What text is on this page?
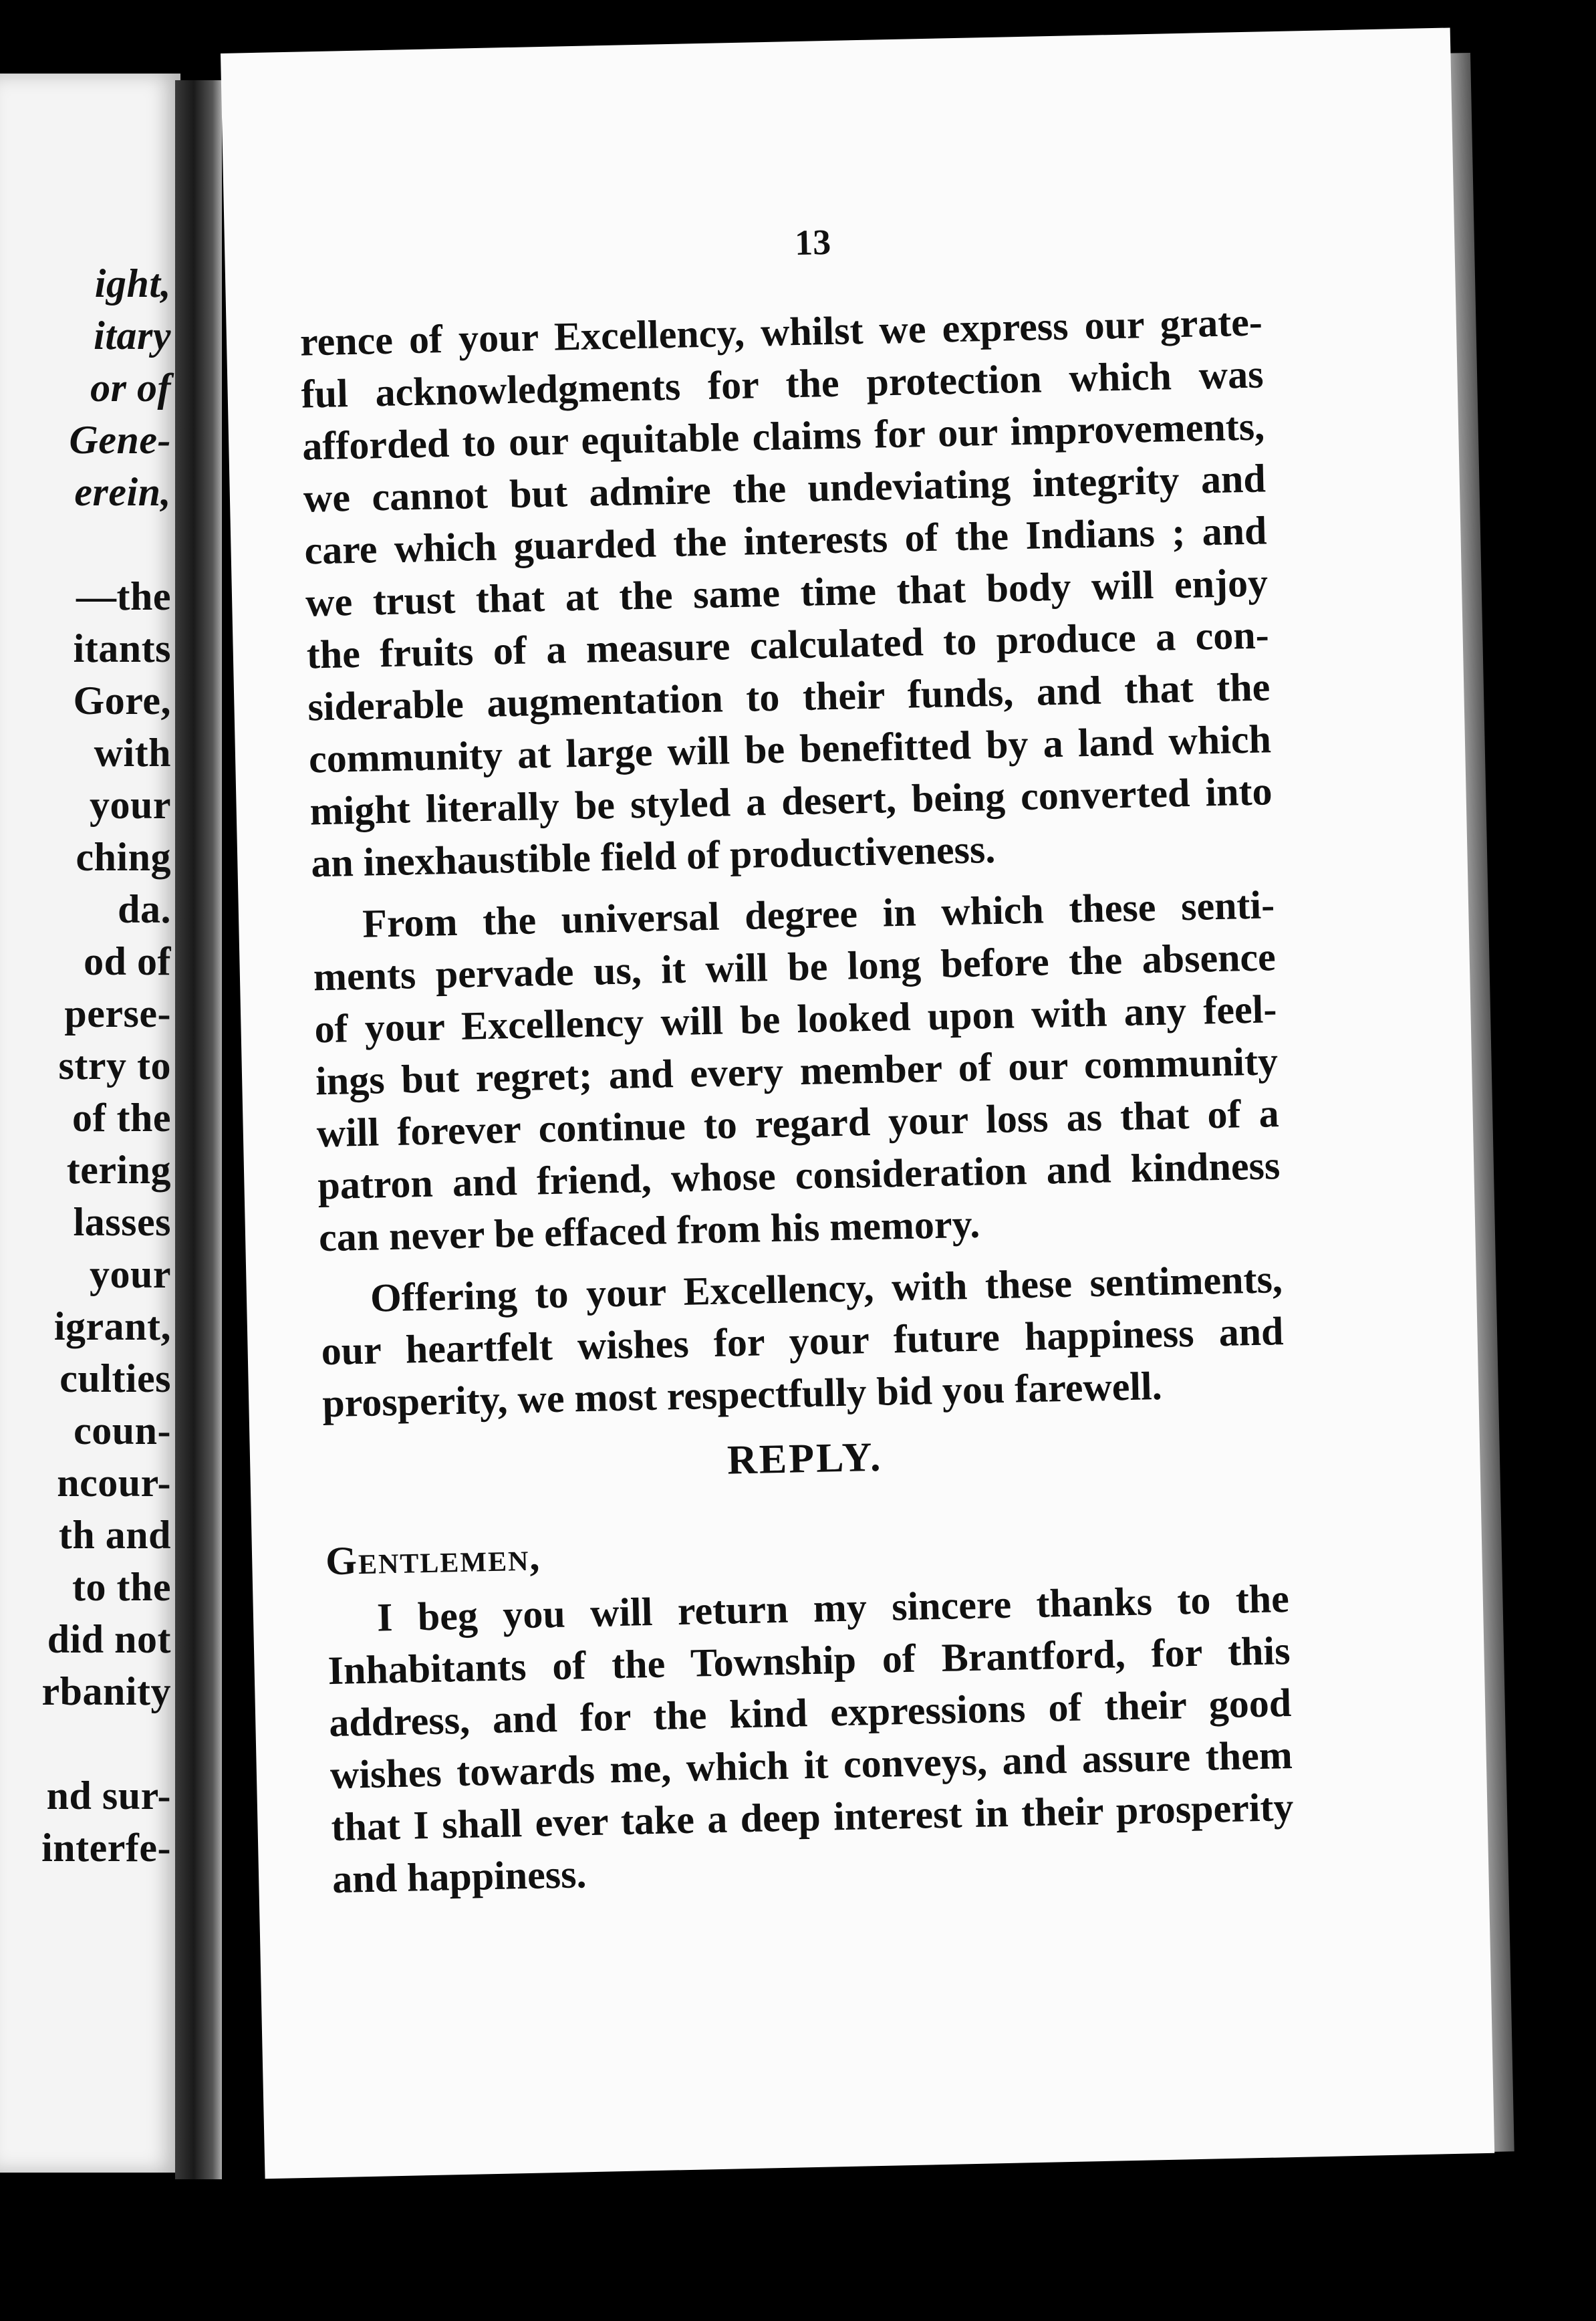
ight,
itary
or of
Gene-
erein,
—the
itants
Gore,
with
your
ching
da.
od of
perse-
stry to
of the
tering
lasses
your
igrant,
culties
coun-
ncour-
th and
to the
did not
rbanity
nd sur-
interfe-
13
rence of your Excellency, whilst we express our grate-
ful acknowledgments for the protection which was
afforded to our equitable claims for our improvements,
we cannot but admire the undeviating integrity and
care which guarded the interests of the Indians ; and
we trust that at the same time that body will enjoy
the fruits of a measure calculated to produce a con-
siderable augmentation to their funds, and that the
community at large will be benefitted by a land which
might literally be styled a desert, being converted into
an inexhaustible field of productiveness.
From the universal degree in which these senti-
ments pervade us, it will be long before the absence
of your Excellency will be looked upon with any feel-
ings but regret; and every member of our community
will forever continue to regard your loss as that of a
patron and friend, whose consideration and kindness
can never be effaced from his memory.
Offering to your Excellency, with these sentiments,
our heartfelt wishes for your future happiness and
prosperity, we most respectfully bid you farewell.
REPLY.
Gentlemen,
I beg you will return my sincere thanks to the
Inhabitants of the Township of Brantford, for this
address, and for the kind expressions of their good
wishes towards me, which it conveys, and assure them
that I shall ever take a deep interest in their prosperity
and happiness.
